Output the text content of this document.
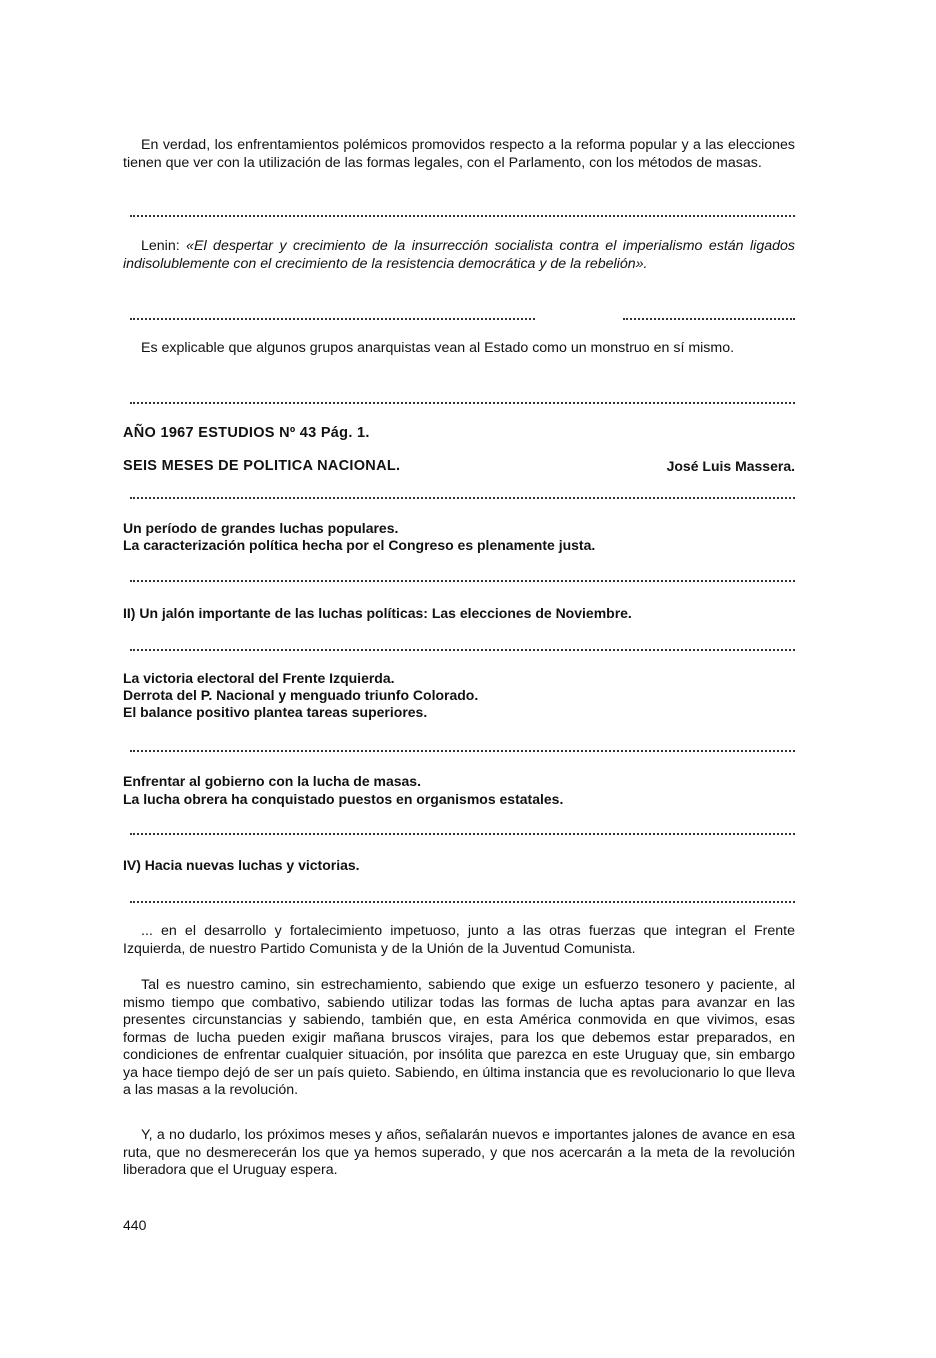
En verdad, los enfrentamientos polémicos promovidos respecto a la reforma popular y a las elecciones tienen que ver con la utilización de las formas legales, con el Parlamento, con los métodos de masas.

Lenin: «El despertar y crecimiento de la insurrección socialista contra el imperialismo están ligados indisolublemente con el crecimiento de la resistencia democrática y de la rebelión».

Es explicable que algunos grupos anarquistas vean al Estado como un monstruo en sí mismo.

AÑO 1967 ESTUDIOS Nº 43 Pág. 1.

SEIS MESES DE POLITICA NACIONAL.	José Luis Massera.

Un período de grandes luchas populares.

La caracterización política hecha por el Congreso es plenamente justa.

II) Un jalón importante de las luchas políticas: Las elecciones de Noviembre.

La victoria electoral del Frente Izquierda.

Derrota del P. Nacional y menguado triunfo Colorado.

El balance positivo plantea tareas superiores.

Enfrentar al gobierno con la lucha de masas.

La lucha obrera ha conquistado puestos en organismos estatales.

IV) Hacia nuevas luchas y victorias.

... en el desarrollo y fortalecimiento impetuoso, junto a las otras fuerzas que integran el Frente Izquierda, de nuestro Partido Comunista y de la Unión de la Juventud Comunista.

Tal es nuestro camino, sin estrechamiento, sabiendo que exige un esfuerzo tesonero y paciente, al mismo tiempo que combativo, sabiendo utilizar todas las formas de lucha aptas para avanzar en las presentes circunstancias y sabiendo, también que, en esta América conmovida en que vivimos, esas formas de lucha pueden exigir mañana bruscos virajes, para los que debemos estar preparados, en condiciones de enfrentar cualquier situación, por insólita que parezca en este Uruguay que, sin embargo ya hace tiempo dejó de ser un país quieto. Sabiendo, en última instancia que es revolucionario lo que lleva a las masas a la revolución.

Y, a no dudarlo, los próximos meses y años, señalarán nuevos e importantes jalones de avance en esa ruta, que no desmerecerán los que ya hemos superado, y que nos acercarán a la meta de la revolución liberadora que el Uruguay espera.

440
